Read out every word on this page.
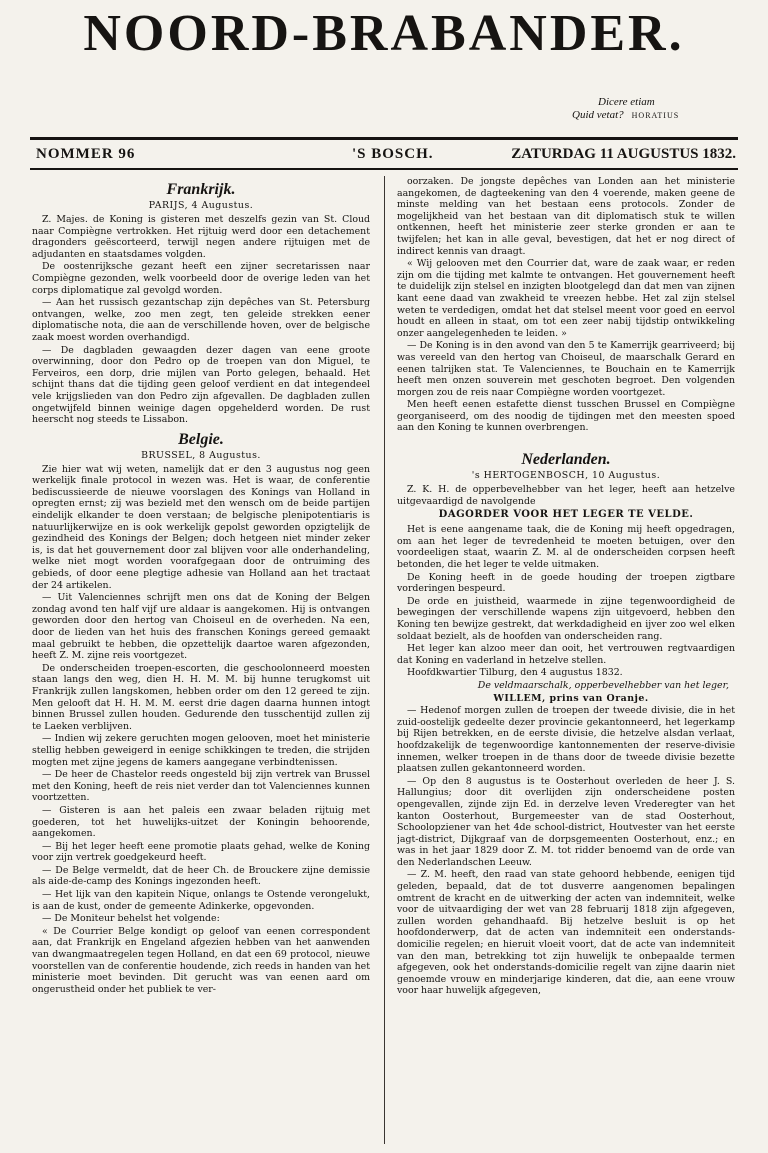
NOORD-BRABANDER.
Dicere etiam
Quid vetat? HORATIUS
NOMMER 96	'S BOSCH.	ZATURDAG 11 AUGUSTUS 1832.
Frankrijk.
PARIJS, 4 Augustus.

Z. Majes. de Koning is gisteren met deszelfs gezin van St. Cloud naar Compiègne vertrokken. Het rijtuig werd door een detachement dragonders geëscorteerd, terwijl negen andere rijtuigen met de adjudanten en staatsdames volgden.

De oostenrijksche gezant heeft een zijner secretarissen naar Compiègne gezonden, welk voorbeeld door de overige leden van het corps diplomatique zal gevolgd worden.

— Aan het russisch gezantschap zijn depêches van St. Petersburg ontvangen, welke, zoo men zegt, ten geleide strekken eener diplomatische nota, die aan de verschillende hoven, over de belgische zaak moest worden overhandigd.

— De dagbladen gewaagden dezer dagen van eene groote overwinning, door don Pedro op de troepen van don Miguel, te Ferveiros, een dorp, drie mijlen van Porto gelegen, behaald. Het schijnt thans dat die tijding geen geloof verdient en dat integendeel vele krijgslieden van don Pedro zijn afgevallen. De dagbladen zullen ongetwijfeld binnen weinige dagen opgehelderd worden. De rust heerscht nog steeds te Lissabon.

Belgie.
BRUSSEL, 8 Augustus.

Zie hier wat wij weten, namelijk dat er den 3 augustus nog geen werkelijk finale protocol in wezen was. Het is waar, de conferentie bediscussieerde de nieuwe voorslagen des Konings van Holland in opregten ernst; zij was bezield met den wensch om de beide partijen eindelijk elkander te doen verstaan; de belgische plenipotentiaris is natuurlijkerwijze en is ook werkelijk gepolst geworden opzigtelijk de gezindheid des Konings der Belgen; doch hetgeen niet minder zeker is, is dat het gouvernement door zal blijven voor alle onderhandeling, welke niet mogt worden voorafgegaan door de ontruiming des gebieds, of door eene plegtige adhesie van Holland aan het tractaat der 24 artikelen.

— Uit Valenciennes schrijft men ons dat de Koning der Belgen zondag avond ten half vijf ure aldaar is aangekomen. Hij is ontvangen geworden door den hertog van Choiseul en de overheden. Na een, door de lieden van het huis des franschen Konings gereed gemaakt maal gebruikt te hebben, die opzettelijk daartoe waren afgezonden, heeft Z. M. zijne reis voortgezet.

De onderscheiden troepen-escorten, die geschoolonneerd moesten staan langs den weg, dien H. H. M. M. bij hunne terugkomst uit Frankrijk zullen langskomen, hebben order om den 12 gereed te zijn. Men gelooft dat H. H. M. M. eerst drie dagen daarna hunnen intogt binnen Brussel zullen houden. Gedurende den tusschentijd zullen zij te Laeken verblijven.

— Indien wij zekere geruchten mogen gelooven, moet het ministerie stellig hebben geweigerd in eenige schikkingen te treden, die strijden mogten met zijne jegens de kamers aangegane verbindtenissen.

— De heer de Chastelor reeds ongesteld bij zijn vertrek van Brussel met den Koning, heeft de reis niet verder dan tot Valenciennes kunnen voortzetten.

— Gisteren is aan het paleis een zwaar beladen rijtuig met goederen, tot het huwelijks-uitzet der Koningin behoorende, aangekomen.

— Bij het leger heeft eene promotie plaats gehad, welke de Koning voor zijn vertrek goedgekeurd heeft.

— De Belge vermeldt, dat de heer Ch. de Brouckere zijne demissie als aide-de-camp des Konings ingezonden heeft.

— Het lijk van den kapitein Nique, onlangs te Ostende verongelukt, is aan de kust, onder de gemeente Adinkerke, opgevonden.

— De Moniteur behelst het volgende:

« De Courrier Belge kondigt op geloof van eenen correspondent aan, dat Frankrijk en Engeland afgezien hebben van het aanwenden van dwangmaatregelen tegen Holland, en dat een 69 protocol, nieuwe voorstellen van de conferentie houdende, zich reeds in handen van het ministerie moet bevinden. Dit gerucht was van eenen aard om ongerustheid onder het publiek te ver-

oorzaken. De jongste depêches van Londen aan het ministerie aangekomen, de dagteekening van den 4 voerende, maken geene de minste melding van het bestaan eens protocols. Zonder de mogelijkheid van het bestaan van dit diplomatisch stuk te willen ontkennen, heeft het ministerie zeer sterke gronden er aan te twijfelen; het kan in alle geval, bevestigen, dat het er nog direct of indirect kennis van draagt.

« Wij gelooven met den Courrier dat, ware de zaak waar, er reden zijn om die tijding met kalmte te ontvangen. Het gouvernement heeft te duidelijk zijn stelsel en inzigten blootgelegd dan dat men van zijnen kant eene daad van zwakheid te vreezen hebbe. Het zal zijn stelsel weten te verdedigen, omdat het dat stelsel meent voor goed en eervol houdt en alleen in staat, om tot een zeer nabij tijdstip ontwikkeling onzer aangelegenheden te leiden. »

— De Koning is in den avond van den 5 te Kamerrijk gearriveerd; bij was vereeld van den hertog van Choiseul, de maarschalk Gerard en eenen talrijken stat. Te Valenciennes, te Bouchain en te Kamerrijk heeft men onzen souverein met geschoten begroet. Den volgenden morgen zou de reis naar Compiègne worden voortgezet.

Men heeft eenen estafette dienst tusschen Brussel en Compiègne georganiseerd, om des noodig de tijdingen met den meesten spoed aan den Koning te kunnen overbrengen.

Nederlanden.
's HERTOGENBOSCH, 10 Augustus.

Z. K. H. de opperbevelhebber van het leger, heeft aan hetzelve uitgevaardigd de navolgende

DAGORDER VOOR HET LEGER TE VELDE.

Het is eene aangename taak, die de Koning mij heeft opgedragen, om aan het leger de tevredenheid te moeten betuigen, over den voordeeligen staat, waarin Z. M. al de onderscheiden corpsen heeft betonden, die het leger te velde uitmaken.

De Koning heeft in de goede houding der troepen zigtbare vorderingen bespeurd.

De orde en juistheid, waarmede in zijne tegenwoordigheid de bewegingen der verschillende wapens zijn uitgevoerd, hebben den Koning ten bewijze gestrekt, dat werkdadigheid en ijver zoo wel elken soldaat bezielt, als de hoofden van onderscheiden rang.

Het leger kan alzoo meer dan ooit, het vertrouwen regtvaardigen dat Koning en vaderland in hetzelve stellen.

Hoofdkwartier Tilburg, den 4 augustus 1832.

De veldmaarschalk, opperbevelhebber van het leger,

WILLEM, prins van Oranje.

— Hedenof morgen zullen de troepen der tweede divisie, die in het zuid-oostelijk gedeelte dezer provincie gekantonneerd, het legerkamp bij Rijen betrekken, en de eerste divisie, die hetzelve alsdan verlaat, hoofdzakelijk de tegenwoordige kantonnementen der reserve-divisie innemen, welker troepen in de thans door de tweede divisie bezette plaatsen zullen gekantonneerd worden.

— Op den 8 augustus is te Oosterhout overleden de heer J. S. Hallungius; door dit overlijden zijn onderscheidene posten opengevallen, zijnde zijn Ed. in derzelve leven Vrederegter van het kanton Oosterhout, Burgemeester van de stad Oosterhout, Schoolopziener van het 4de school-district, Houtvester van het eerste jagt-district, Dijkgraaf van de dorpsgemeenten Oosterhout, enz.; en was in het jaar 1829 door Z. M. tot ridder benoemd van de orde van den Nederlandschen Leeuw.

— Z. M. heeft, den raad van state gehoord hebbende, eenigen tijd geleden, bepaald, dat de tot dusverre aangenomen bepalingen omtrent de kracht en de uitwerking der acten van indemniteit, welke voor de uitvaardiging der wet van 28 februarij 1818 zijn afgegeven, zullen worden gehandhaafd. Bij hetzelve besluit is op het hoofdonderwerp, dat de acten van indemniteit een onderstands-domicilie regelen; en hieruit vloeit voort, dat de acte van indemniteit van den man, betrekking tot zijn huwelijk te onbepaalde termen afgegeven, ook het onderstands-domicilie regelt van zijne daarin niet genoemde vrouw en minderjarige kinderen, dat die, aan eene vrouw voor haar huwelijk afgegeven,
